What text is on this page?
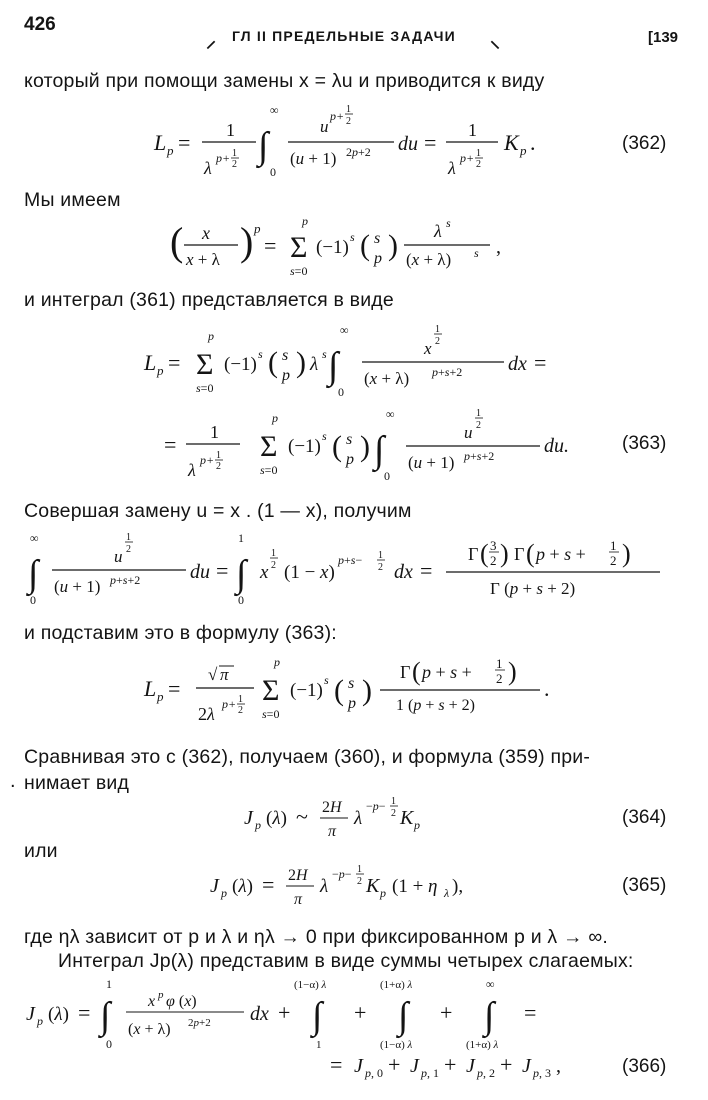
426
⸝ ГЛ II ПРЕДЕЛЬНЫЕ ЗАДАЧИ ⸜	[139
который при помощи замены x = λu и приводится к виду
L p = 1
λ p+ 1
2 ∫
∞
0
u
p+ 1
2
(u + 1) 2p+2 du = 1
λ p+ 1
2
K p .	(362)
Мы имеем
( x
x + λ ) p
=
p
Σ
s=0
(−1) s ( s
p ) λ s
(x + λ) s ,
и интеграл (361) представляется в виде
L p =
p
Σ
s=0
(−1) s ( s
p ) λ s ∫
∞
0
x
1
2
(x + λ) p+s+2 dx =
= 1
λ p+ 1
2
p
Σ
s=0
(−1) s ( s
p ) ∫
∞
0
u
1
2
(u + 1) p+s+2 du.	(363)
Совершая замену u = x . (1 — x), получим
∫
∞
0
u
1
2
(u + 1) p+s+2 du = ∫
1
0
x
1
2 (1 − x)
p+s− 1
2 dx =
Γ ( 3
2 ) Γ ( p + s + 1
2 )
Γ (p + s + 2)
и подставим это в формулу (363):
L p =
√ π
2λ p+ 1
2
p
Σ
s=0
(−1) s ( s
p )
Γ ( p + s + 1
2 )
1 (p + s + 2)
.
Сравнивая это с (362), получаем (360), и формула (359) при-
. нимает вид
J p (λ) ~ 2H
π
λ
−p− 1
2 K p	(364)
или
J p (λ) = 2H
π
λ
−p− 1
2 K p (1 + η λ ),	(365)
где ηλ зависит от p и λ и ηλ → 0 при фиксированном p и λ → ∞.
Интеграл Jp(λ) представим в виде суммы четырех слагаемых:
J p (λ) = ∫
1
0
x p φ (x)
(x + λ) 2p+2 dx + ∫
(1−α) λ
1
+ ∫
(1+α) λ
(1−α) λ
+ ∫
∞
(1+α) λ
=
= J p, 0 + J p, 1 + J p, 2 + J p, 3 ,	(366)
